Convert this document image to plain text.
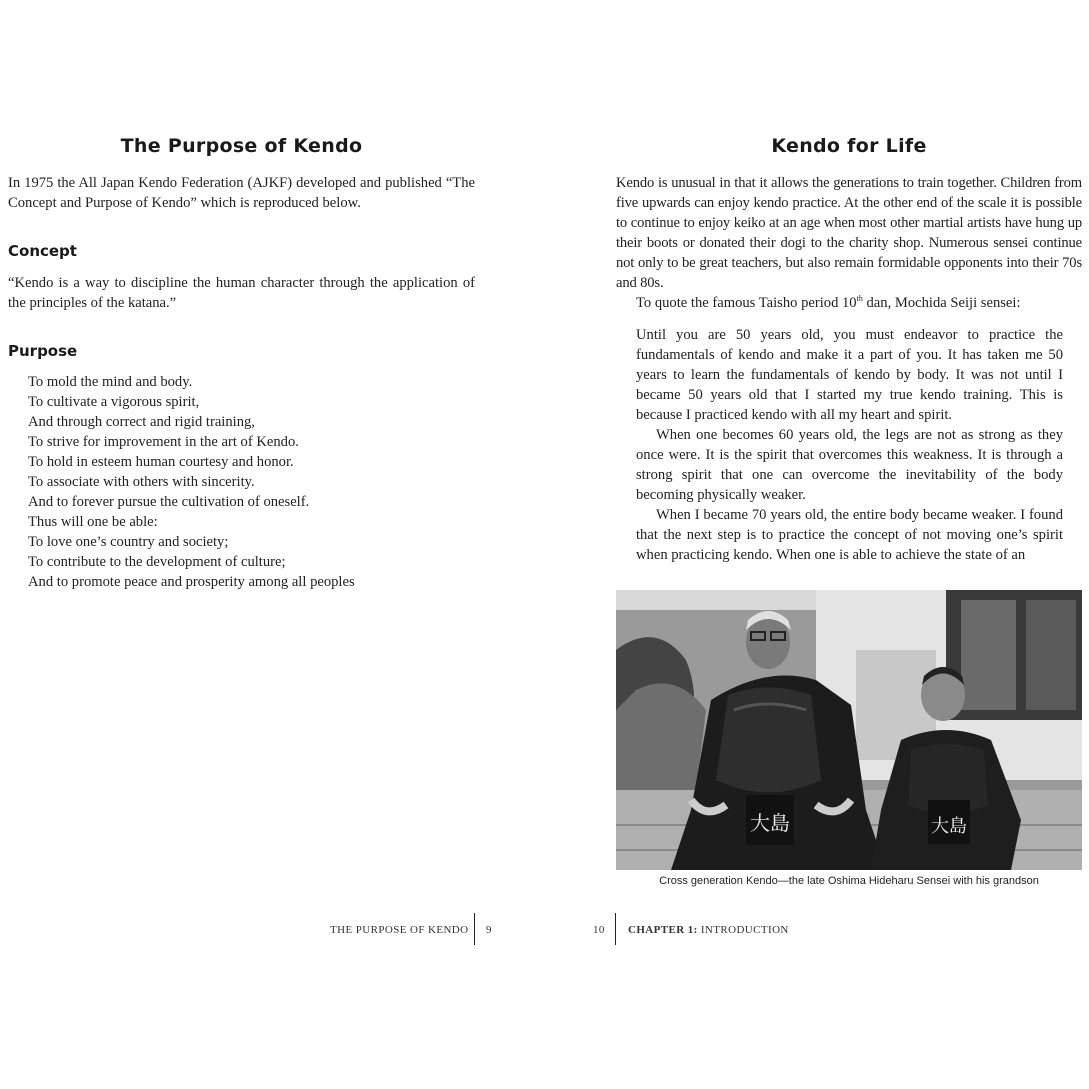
The Purpose of Kendo

In 1975 the All Japan Kendo Federation (AJKF) developed and published “The Concept and Purpose of Kendo” which is reproduced below.

Concept

“Kendo is a way to discipline the human character through the application of the principles of the katana.”

Purpose
To mold the mind and body.
To cultivate a vigorous spirit,
And through correct and rigid training,
To strive for improvement in the art of Kendo.
To hold in esteem human courtesy and honor.
To associate with others with sincerity.
And to forever pursue the cultivation of oneself.
Thus will one be able:
To love one’s country and society;
To contribute to the development of culture;
And to promote peace and prosperity among all peoples
Kendo for Life

Kendo is unusual in that it allows the generations to train together. Children from five upwards can enjoy kendo practice. At the other end of the scale it is possible to continue to enjoy keiko at an age when most other martial artists have hung up their boots or donated their dogi to the charity shop. Numerous sensei continue not only to be great teachers, but also remain formidable opponents into their 70s and 80s.

To quote the famous Taisho period 10th dan, Mochida Seiji sensei:

Until you are 50 years old, you must endeavor to practice the fundamentals of kendo and make it a part of you. It has taken me 50 years to learn the fundamentals of kendo by body. It was not until I became 50 years old that I started my true kendo training. This is because I practiced kendo with all my heart and spirit.

When one becomes 60 years old, the legs are not as strong as they once were. It is the spirit that overcomes this weakness. It is through a strong spirit that one can overcome the inevitability of the body becoming physically weaker.

When I became 70 years old, the entire body became weaker. I found that the next step is to practice the concept of not moving one’s spirit when practicing kendo. When one is able to achieve the state of an

大島	大島
Cross generation Kendo—the late Oshima Hideharu Sensei with his grandson
THE PURPOSE OF KENDO 9	10 CHAPTER 1: INTRODUCTION
